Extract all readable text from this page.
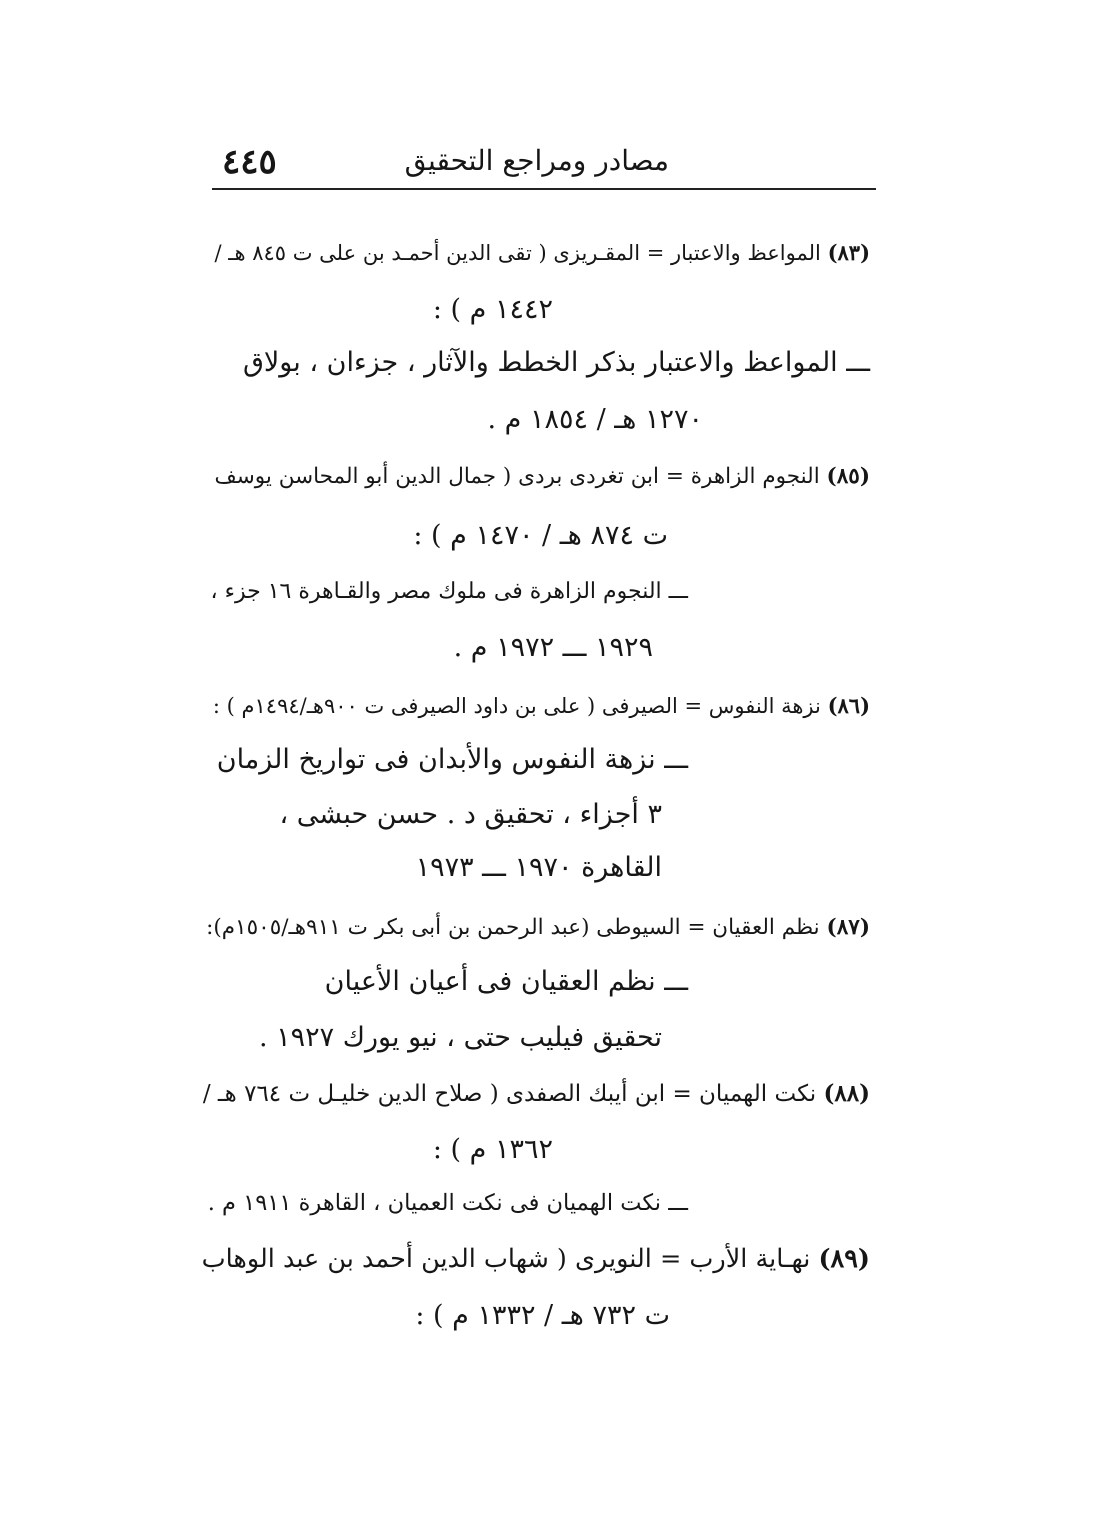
٤٤٥	مصادر ومراجع التحقيق
(٨٣) المواعظ والاعتبار = المقـريزى ( تقى الدين أحمـد بن على ت ٨٤٥ هـ /
١٤٤٢ م ) :
ـــ المواعظ والاعتبار بذكر الخطط والآثار ، جزءان ، بولاق
١٢٧٠ هـ / ١٨٥٤ م .
(٨٥) النجوم الزاهرة = ابن تغردى بردى ( جمال الدين أبو المحاسن يوسف
ت ٨٧٤ هـ / ١٤٧٠ م ) :
ـــ النجوم الزاهرة فى ملوك مصر والقـاهرة ١٦ جزء ،
١٩٢٩ ـــ ١٩٧٢ م .
(٨٦) نزهة النفوس = الصيرفى ( على بن داود الصيرفى ت ٩٠٠هـ/١٤٩٤م ) :
ـــ نزهة النفوس والأبدان فى تواريخ الزمان
٣ أجزاء ، تحقيق د . حسن حبشى ،
القاهرة ١٩٧٠ ـــ ١٩٧٣
(٨٧) نظم العقيان = السيوطى (عبد الرحمن بن أبى بكر ت ٩١١هـ/١٥٠٥م):
ـــ نظم العقيان فى أعيان الأعيان
تحقيق فيليب حتى ، نيو يورك ١٩٢٧ .
(٨٨) نكت الهميان = ابن أيبك الصفدى ( صلاح الدين خليـل ت ٧٦٤ هـ /
١٣٦٢ م ) :
ـــ نكت الهميان فى نكت العميان ، القاهرة ١٩١١ م .
(٨٩) نهـاية الأرب = النويرى ( شهاب الدين أحمد بن عبد الوهاب
ت ٧٣٢ هـ / ١٣٣٢ م ) :
